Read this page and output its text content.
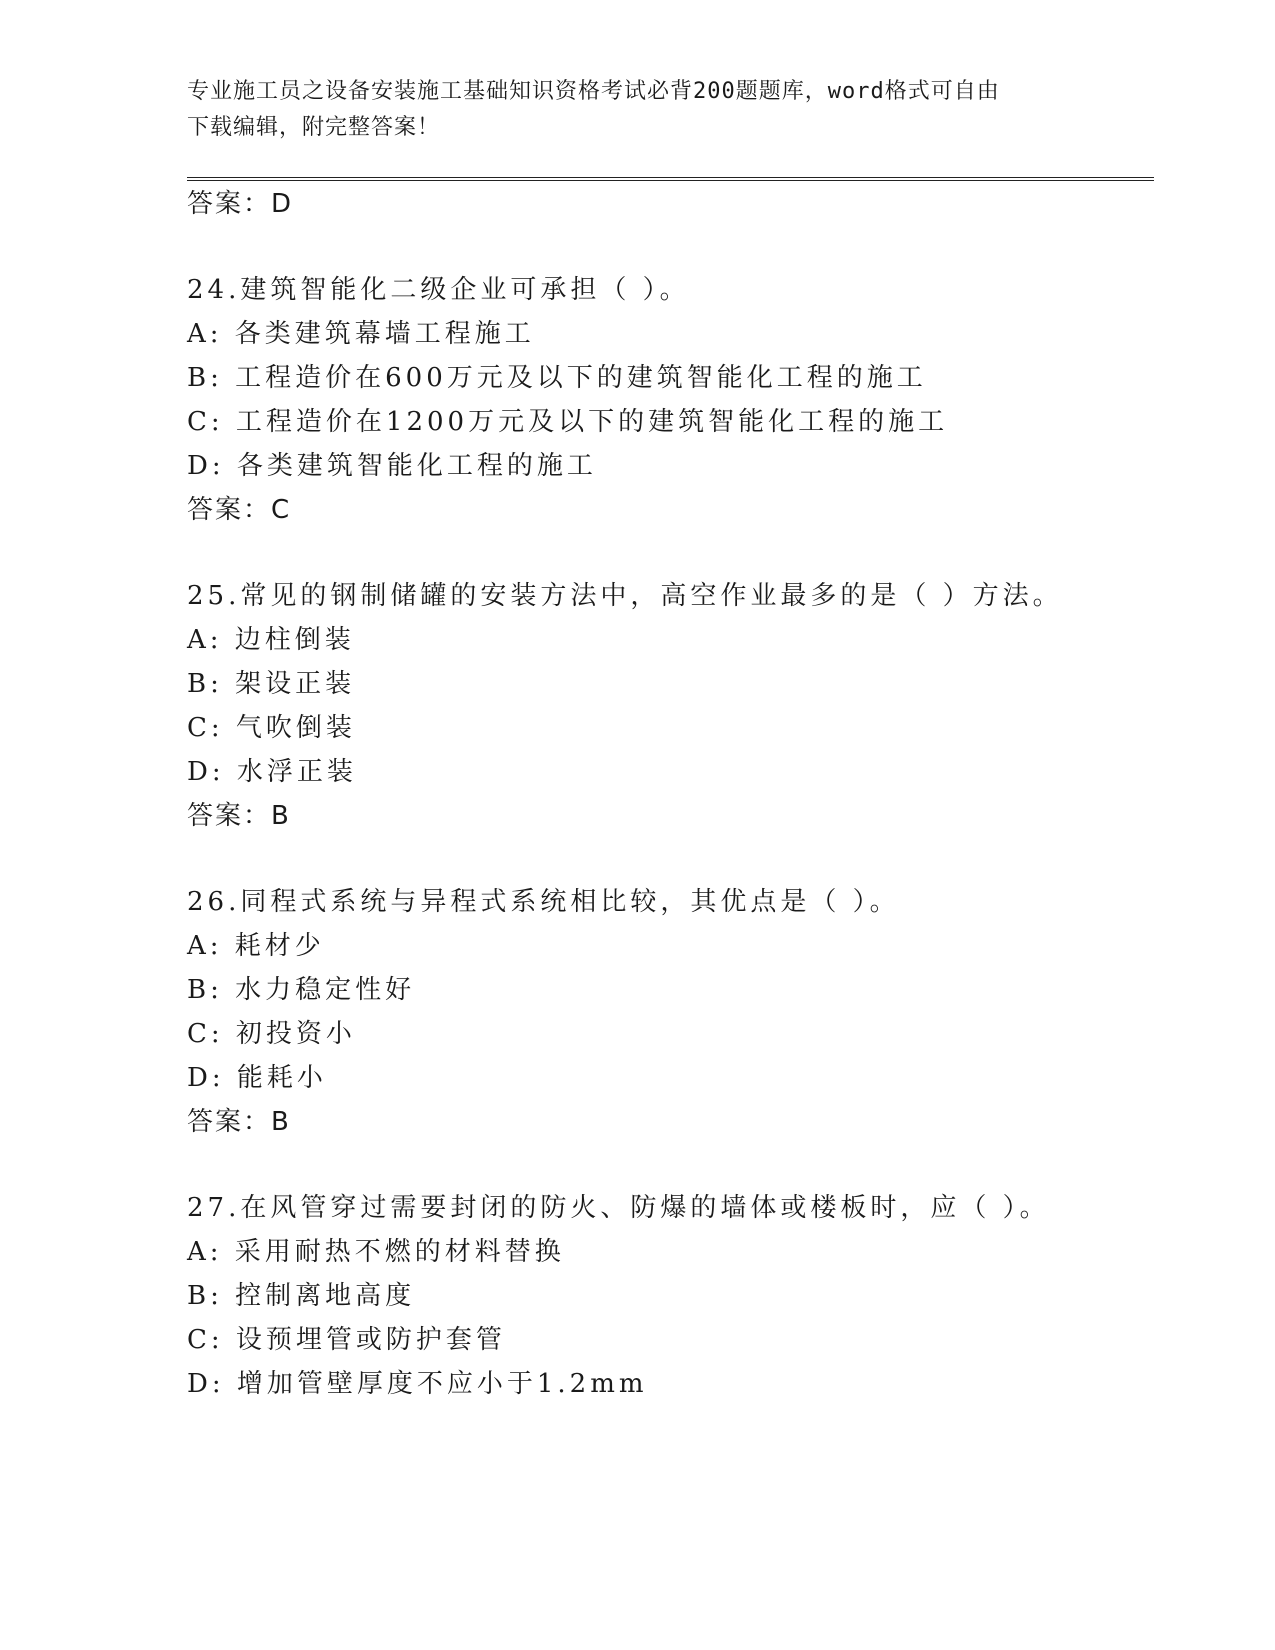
专业施工员之设备安装施工基础知识资格考试必背200题题库，word格式可自由
下载编辑，附完整答案！
答案：D
24.建筑智能化二级企业可承担（ ）。
A: 各类建筑幕墙工程施工
B: 工程造价在600万元及以下的建筑智能化工程的施工
C: 工程造价在1200万元及以下的建筑智能化工程的施工
D: 各类建筑智能化工程的施工
答案：C
25.常见的钢制储罐的安装方法中，高空作业最多的是（ ）方法。
A: 边柱倒装
B: 架设正装
C: 气吹倒装
D: 水浮正装
答案：B
26.同程式系统与异程式系统相比较，其优点是（ ）。
A: 耗材少
B: 水力稳定性好
C: 初投资小
D: 能耗小
答案：B
27.在风管穿过需要封闭的防火、防爆的墙体或楼板时，应（ ）。
A: 采用耐热不燃的材料替换
B: 控制离地高度
C: 设预埋管或防护套管
D: 增加管壁厚度不应小于1.2mm
